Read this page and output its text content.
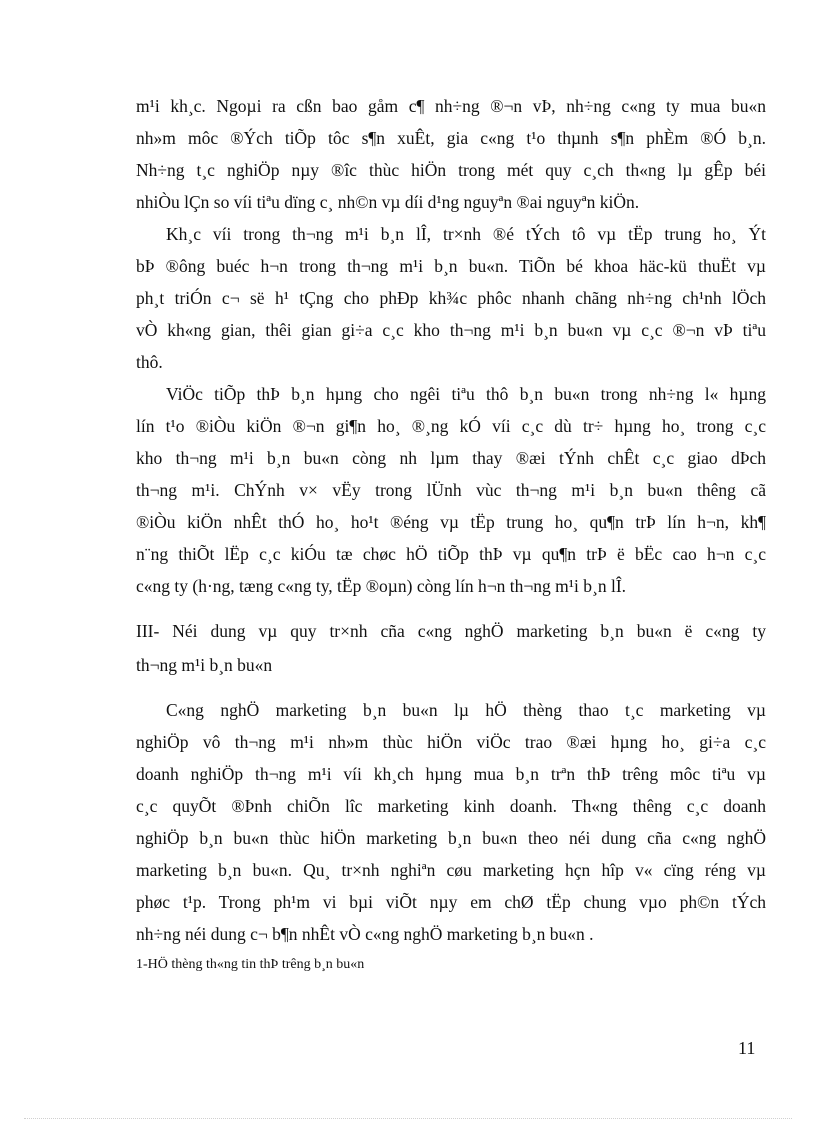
m¹i kh¸c. Ngoµi ra cßn bao gåm c¶ nh÷ng ®¬n vÞ, nh÷ng c«ng ty mua bu«n
nh»m môc ®Ých tiÕp tôc s¶n xuÊt, gia c«ng t¹o thµnh s¶n phÈm ®Ó b¸n.
Nh÷ng t¸c nghiÖp nµy ®îc thùc hiÖn trong mét quy c¸ch th«ng lµ gÊp béi
nhiÒu lÇn so víi tiªu dïng c¸ nh©n vµ díi d¹ng nguyªn ®ai nguyªn kiÖn.
Kh¸c víi trong th¬ng m¹i b¸n lÎ, tr×nh ®é tÝch tô vµ tËp trung ho¸ Ýt
bÞ ®ông buéc h¬n trong th¬ng m¹i b¸n bu«n. TiÕn bé khoa häc-kü thuËt vµ
ph¸t triÓn c¬ së h¹ tÇng cho phÐp kh¾c phôc nhanh chãng nh÷ng ch¹nh lÖch
vÒ kh«ng gian, thêi gian gi÷a c¸c kho th¬ng m¹i b¸n bu«n vµ c¸c ®¬n vÞ tiªu
thô.
ViÖc tiÕp thÞ b¸n hµng cho ngêi tiªu thô b¸n bu«n trong nh÷ng l« hµng
lín t¹o ®iÒu kiÖn ®¬n gi¶n ho¸ ®¸ng kÓ víi c¸c dù tr÷ hµng ho¸ trong c¸c
kho th¬ng m¹i b¸n bu«n còng nh lµm thay ®æi tÝnh chÊt c¸c giao dÞch
th¬ng m¹i. ChÝnh v× vËy trong lÜnh vùc th¬ng m¹i b¸n bu«n thêng cã
®iÒu kiÖn nhÊt thÓ ho¸ ho¹t ®éng vµ tËp trung ho¸ qu¶n trÞ lín h¬n, kh¶
n¨ng thiÕt lËp c¸c kiÓu tæ chøc hÖ tiÕp thÞ vµ qu¶n trÞ ë bËc cao h¬n c¸c
c«ng ty (h·ng, tæng c«ng ty, tËp ®oµn) còng lín h¬n th¬ng m¹i b¸n lÎ.
III- Néi dung vµ quy tr×nh cña c«ng nghÖ marketing b¸n bu«n ë c«ng ty
th¬ng m¹i b¸n bu«n
C«ng nghÖ marketing b¸n bu«n lµ hÖ thèng thao t¸c marketing vµ
nghiÖp vô th¬ng m¹i nh»m thùc hiÖn viÖc trao ®æi hµng ho¸ gi÷a c¸c
doanh nghiÖp th¬ng m¹i víi kh¸ch hµng mua b¸n trªn thÞ trêng môc tiªu vµ
c¸c quyÕt ®Þnh chiÕn lîc marketing kinh doanh. Th«ng thêng c¸c doanh
nghiÖp b¸n bu«n thùc hiÖn marketing b¸n bu«n theo néi dung cña c«ng nghÖ
marketing b¸n bu«n. Qu¸ tr×nh nghiªn cøu marketing hçn hîp v« cïng réng vµ
phøc t¹p. Trong ph¹m vi bµi viÕt nµy em chØ tËp chung vµo ph©n tÝch
nh÷ng néi dung c¬ b¶n nhÊt vÒ c«ng nghÖ marketing b¸n bu«n .
1-HÖ thèng th«ng tin thÞ trêng b¸n bu«n
11
